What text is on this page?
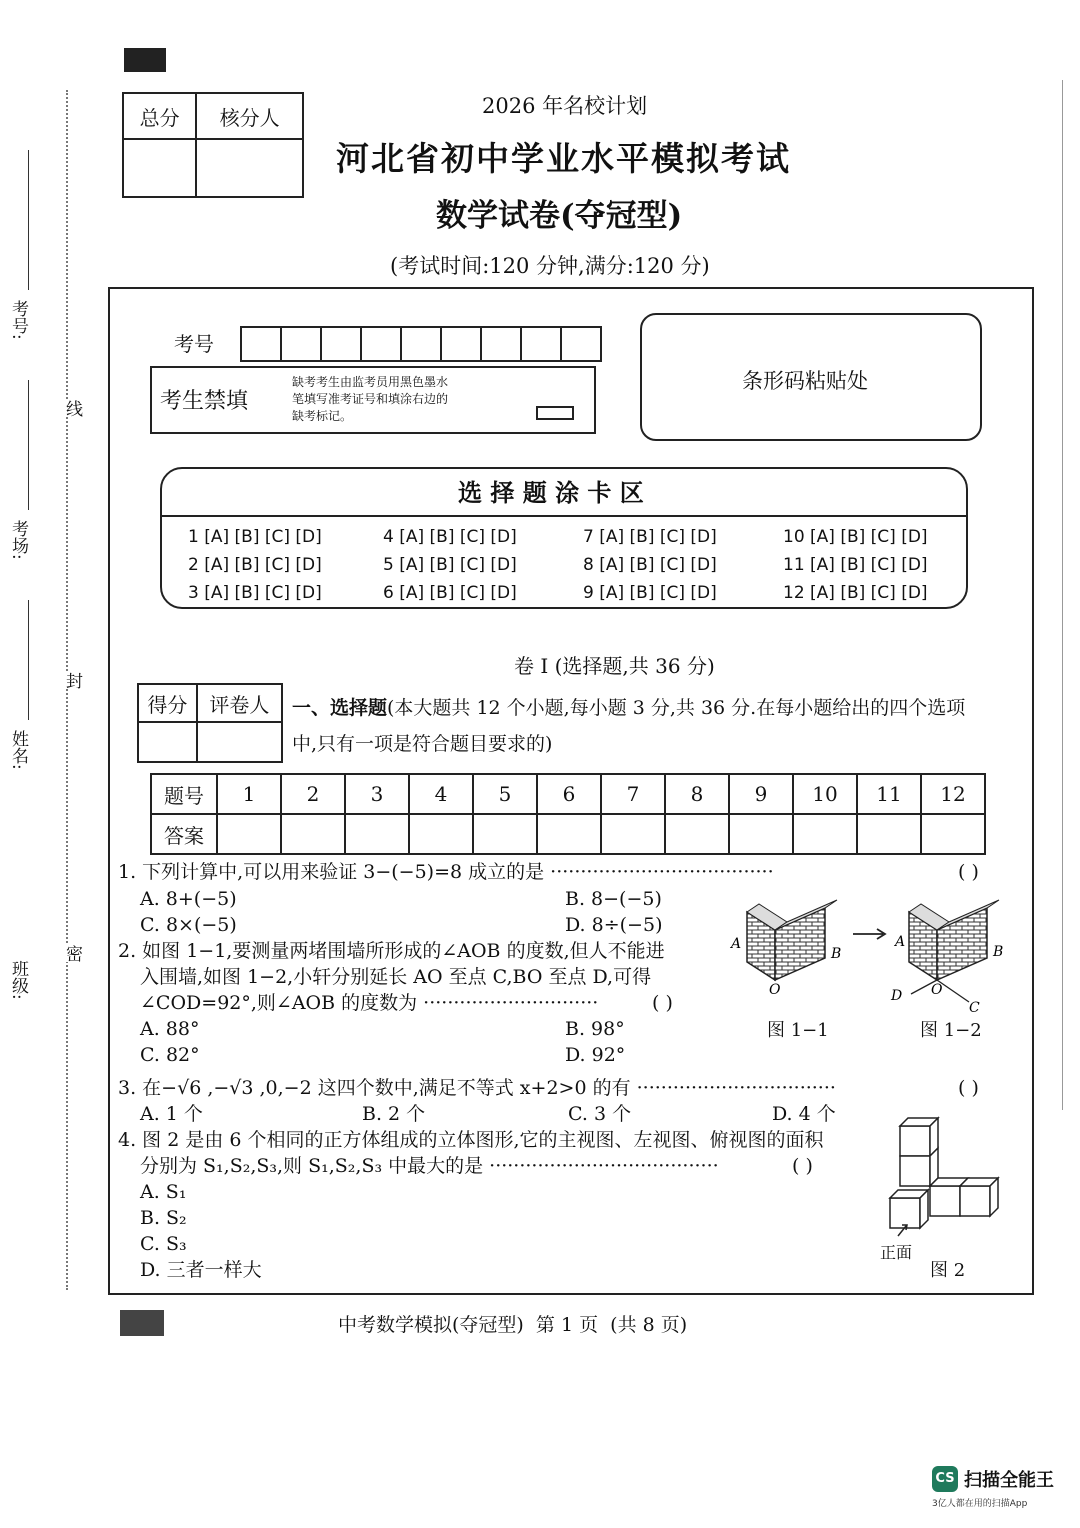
总分	核分人
		2026 年名校计划
河北省初中学业水平模拟考试
数学试卷(夺冠型)
(考试时间:120 分钟,满分:120 分)
考号:
考场:
姓名:
班级:
线
封
密
考号
考生禁填
缺考考生由监考员用黑色墨水
笔填写准考证号和填涂右边的
缺考标记。
条形码粘贴处
选 择 题 涂 卡 区
1 [A] [B] [C] [D]	4 [A] [B] [C] [D]	7 [A] [B] [C] [D]	10 [A] [B] [C] [D]
2 [A] [B] [C] [D]	5 [A] [B] [C] [D]	8 [A] [B] [C] [D]	11 [A] [B] [C] [D]
3 [A] [B] [C] [D]	6 [A] [B] [C] [D]	9 [A] [B] [C] [D]	12 [A] [B] [C] [D]
卷 I (选择题,共 36 分)
得分	评卷人
	一、选择题(本大题共 12 个小题,每小题 3 分,共 36 分.在每小题给出的四个选项
中,只有一项是符合题目要求的)
题号	1	2	3	4	5	6	7	8	9	10	11	12
答案												
1. 下列计算中,可以用来验证 3−(−5)=8 成立的是 ·····································	( )
A. 8+(−5)	B. 8−(−5)
C. 8×(−5)	D. 8÷(−5)
2. 如图 1−1,要测量两堵围墙所形成的∠AOB 的度数,但人不能进
入围墙,如图 1−2,小轩分别延长 AO 至点 C,BO 至点 D,可得
∠COD=92°,则∠AOB 的度数为 ·····························	( )
A. 88°	B. 98°
C. 82°	D. 92°
A
B
O
A
B
O
D
C
图 1−1	图 1−2
3. 在−√6 ,−√3 ,0,−2 这四个数中,满足不等式 x+2>0 的有 ·································	( )
A. 1 个	B. 2 个	C. 3 个	D. 4 个
4. 图 2 是由 6 个相同的正方体组成的立体图形,它的主视图、左视图、俯视图的面积
分别为 S₁,S₂,S₃,则 S₁,S₂,S₃ 中最大的是 ······································	( )
A. S₁
B. S₂
C. S₃
D. 三者一样大
正面
图 2
中考数学模拟(夺冠型)  第 1 页  (共 8 页)
CS 扫描全能王
3亿人都在用的扫描App
